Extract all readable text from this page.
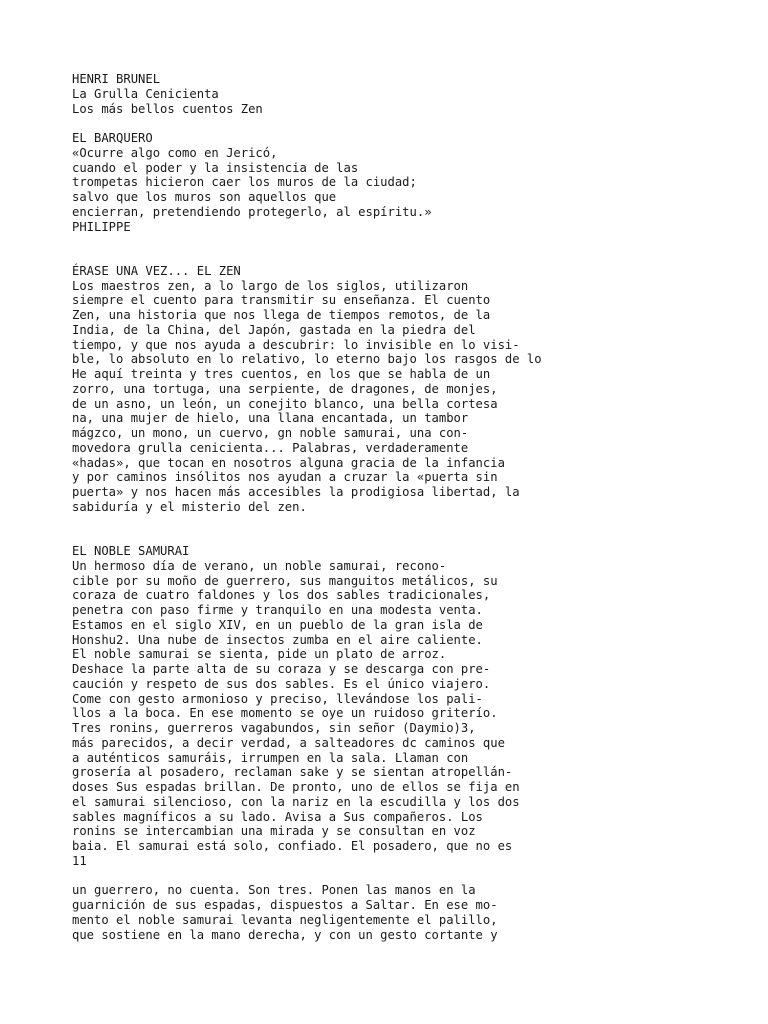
HENRI BRUNEL
La Grulla Cenicienta
Los más bellos cuentos Zen
EL BARQUERO
«Ocurre algo como en Jericó,
cuando el poder y la insistencia de las
trompetas hicieron caer los muros de la ciudad;
salvo que los muros son aquellos que
encierran, pretendiendo protegerlo, al espíritu.»
PHILIPPE
ÉRASE UNA VEZ... EL ZEN
Los maestros zen, a lo largo de los siglos, utilizaron
siempre el cuento para transmitir su enseñanza. El cuento
Zen, una historia que nos llega de tiempos remotos, de la
India, de la China, del Japón, gastada en la piedra del
tiempo, y que nos ayuda a descubrir: lo invisible en lo visi-
ble, lo absoluto en lo relativo, lo eterno bajo los rasgos de lo
He aquí treinta y tres cuentos, en los que se habla de un
zorro, una tortuga, una serpiente, de dragones, de monjes,
de un asno, un león, un conejito blanco, una bella cortesa
na, una mujer de hielo, una llana encantada, un tambor
mágzco, un mono, un cuervo, gn noble samurai, una con-
movedora grulla cenicienta... Palabras, verdaderamente
«hadas», que tocan en nosotros alguna gracia de la infancia
y por caminos insólitos nos ayudan a cruzar la «puerta sin
puerta» y nos hacen más accesibles la prodigiosa libertad, la
sabiduría y el misterio del zen.
EL NOBLE SAMURAI
Un hermoso día de verano, un noble samurai, recono-
cible por su moño de guerrero, sus manguitos metálicos, su
coraza de cuatro faldones y los dos sables tradicionales,
penetra con paso firme y tranquilo en una modesta venta.
Estamos en el siglo XIV, en un pueblo de la gran isla de
Honshu2. Una nube de insectos zumba en el aire caliente.
El noble samurai se sienta, pide un plato de arroz.
Deshace la parte alta de su coraza y se descarga con pre-
caución y respeto de sus dos sables. Es el único viajero.
Come con gesto armonioso y preciso, llevándose los pali-
llos a la boca. En ese momento se oye un ruidoso griterío.
Tres ronins, guerreros vagabundos, sin señor (Daymio)3,
más parecidos, a decir verdad, a salteadores dc caminos que
a auténticos samuráis, irrumpen en la sala. Llaman con
grosería al posadero, reclaman sake y se sientan atropellán-
doses Sus espadas brillan. De pronto, uno de ellos se fija en
el samurai silencioso, con la nariz en la escudilla y los dos
sables magníficos a su lado. Avisa a Sus compañeros. Los
ronins se intercambian una mirada y se consultan en voz
baia. El samurai está solo, confiado. El posadero, que no es
11
un guerrero, no cuenta. Son tres. Ponen las manos en la
guarnición de sus espadas, dispuestos a Saltar. En ese mo-
mento el noble samurai levanta negligentemente el palillo,
que sostiene en la mano derecha, y con un gesto cortante y
